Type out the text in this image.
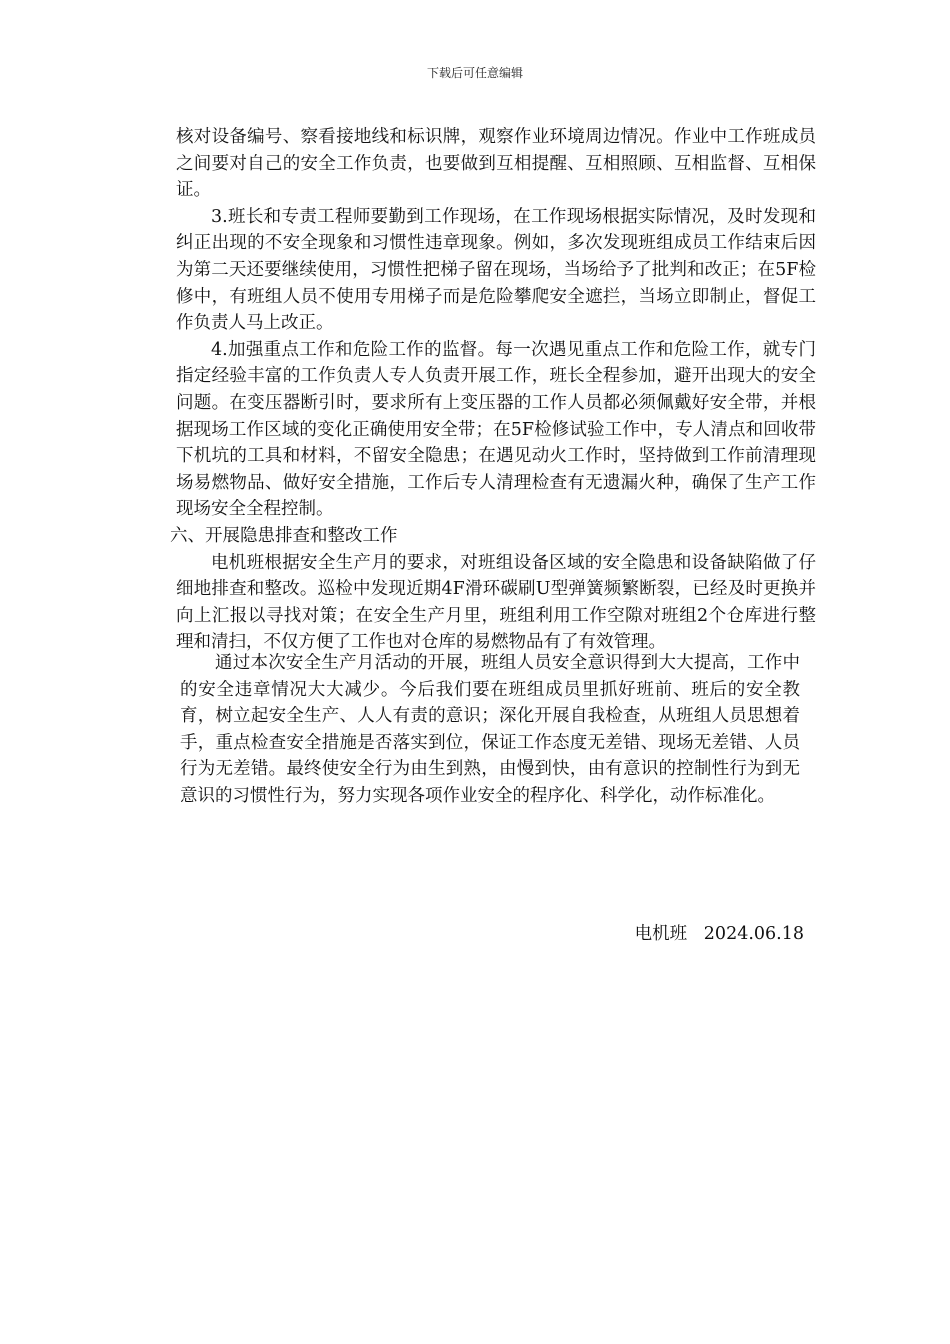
下载后可任意编辑

核对设备编号、察看接地线和标识牌，观察作业环境周边情况。作业中工作班成员之间要对自己的安全工作负责，也要做到互相提醒、互相照顾、互相监督、互相保证。

3.班长和专责工程师要勤到工作现场，在工作现场根据实际情况，及时发现和纠正出现的不安全现象和习惯性违章现象。例如，多次发现班组成员工作结束后因为第二天还要继续使用，习惯性把梯子留在现场，当场给予了批判和改正；在5F检修中，有班组人员不使用专用梯子而是危险攀爬安全遮拦，当场立即制止，督促工作负责人马上改正。

4.加强重点工作和危险工作的监督。每一次遇见重点工作和危险工作，就专门指定经验丰富的工作负责人专人负责开展工作，班长全程参加，避开出现大的安全问题。在变压器断引时，要求所有上变压器的工作人员都必须佩戴好安全带，并根据现场工作区域的变化正确使用安全带；在5F检修试验工作中，专人清点和回收带下机坑的工具和材料，不留安全隐患；在遇见动火工作时，坚持做到工作前清理现场易燃物品、做好安全措施，工作后专人清理检查有无遗漏火种，确保了生产工作现场安全全程控制。

六、开展隐患排查和整改工作

电机班根据安全生产月的要求，对班组设备区域的安全隐患和设备缺陷做了仔细地排查和整改。巡检中发现近期4F滑环碳刷U型弹簧频繁断裂，已经及时更换并向上汇报以寻找对策；在安全生产月里，班组利用工作空隙对班组2个仓库进行整理和清扫，不仅方便了工作也对仓库的易燃物品有了有效管理。

通过本次安全生产月活动的开展，班组人员安全意识得到大大提高，工作中的安全违章情况大大减少。今后我们要在班组成员里抓好班前、班后的安全教育，树立起安全生产、人人有责的意识；深化开展自我检查，从班组人员思想着手，重点检查安全措施是否落实到位，保证工作态度无差错、现场无差错、人员行为无差错。最终使安全行为由生到熟，由慢到快，由有意识的控制性行为到无意识的习惯性行为，努力实现各项作业安全的程序化、科学化，动作标准化。

电机班 2024.06.18
